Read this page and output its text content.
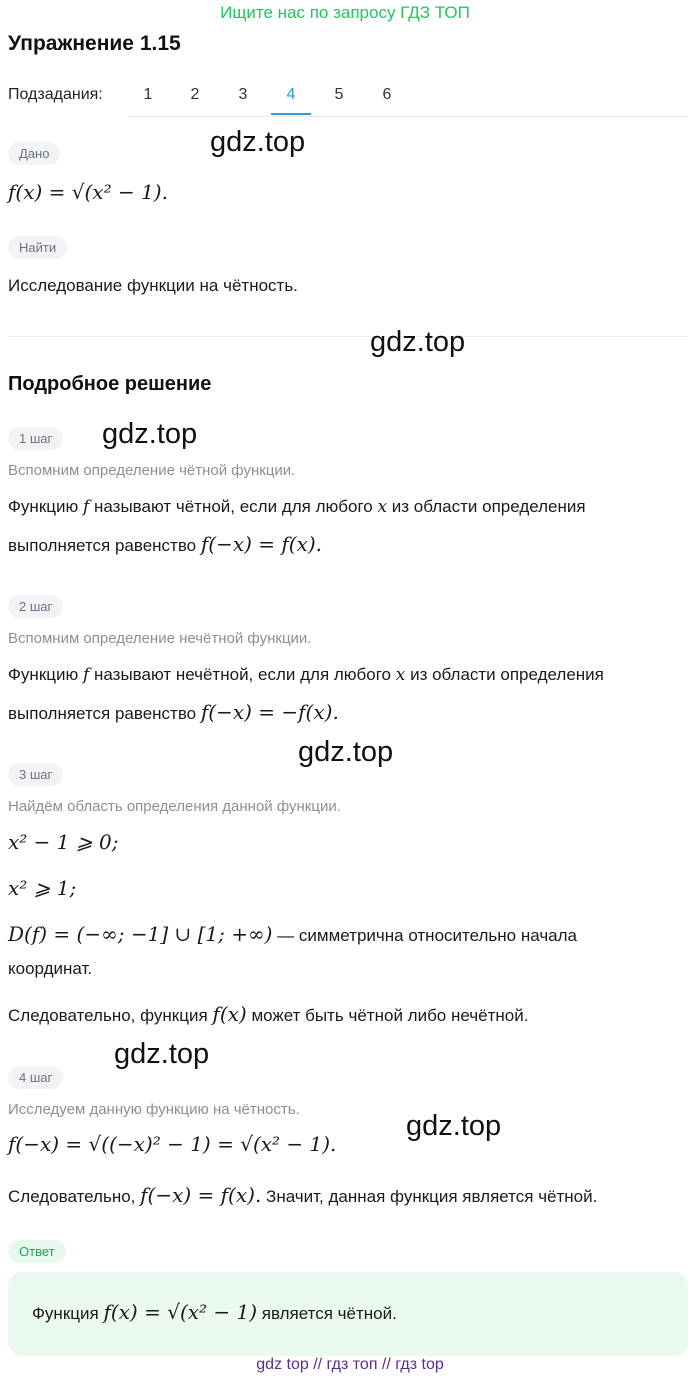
Ищите нас по запросу ГДЗ ТОП
Упражнение 1.15
Подзадания:	1	2	3	4	5	6
Дано	gdz.top
f(x) = √(x² − 1).
Найти
Исследование функции на чётность.
gdz.top
Подробное решение
1 шаг	gdz.top
Вспомним определение чётной функции.
Функцию f называют чётной, если для любого x из области определения
выполняется равенство f(−x) = f(x).
2 шаг
Вспомним определение нечётной функции.
Функцию f называют нечётной, если для любого x из области определения
выполняется равенство f(−x) = −f(x).
gdz.top
3 шаг
Найдём область определения данной функции.
x² − 1 ⩾ 0;
x² ⩾ 1;
D(f) = (−∞; −1] ∪ [1; +∞) — симметрична относительно начала
координат.
Следовательно, функция f(x) может быть чётной либо нечётной.
gdz.top
4 шаг
Исследуем данную функцию на чётность.
gdz.top
f(−x) = √((−x)² − 1) = √(x² − 1).
Следовательно, f(−x) = f(x). Значит, данная функция является чётной.
Ответ
Функция f(x) = √(x² − 1) является чётной.
gdz top // гдз топ // гдз top
